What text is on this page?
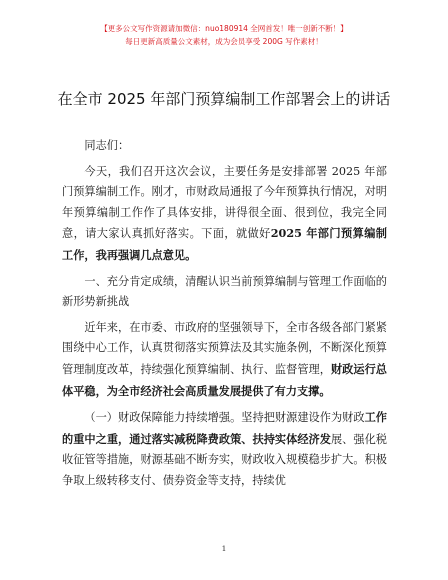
【更多公文写作资源请加微信：nuo180914 全网首发！唯一创新不断！】
每日更新高质量公文素材，成为会员享受 200G 写作素材！
在全市 2025 年部门预算编制工作部署会上的讲话

同志们：

今天，我们召开这次会议，主要任务是安排部署 2025 年部门预算编制工作。刚才，市财政局通报了今年预算执行情况，对明年预算编制工作作了具体安排，讲得很全面、很到位，我完全同意，请大家认真抓好落实。下面，就做好2025 年部门预算编制工作，我再强调几点意见。

一、充分肯定成绩，清醒认识当前预算编制与管理工作面临的新形势新挑战

近年来，在市委、市政府的坚强领导下，全市各级各部门紧紧围绕中心工作，认真贯彻落实预算法及其实施条例，不断深化预算管理制度改革，持续强化预算编制、执行、监督管理，财政运行总体平稳，为全市经济社会高质量发展提供了有力支撑。

（一）财政保障能力持续增强。坚持把财源建设作为财政工作的重中之重，通过落实减税降费政策、扶持实体经济发展、强化税收征管等措施，财源基础不断夯实，财政收入规模稳步扩大。积极争取上级转移支付、债券资金等支持，持续优

1
